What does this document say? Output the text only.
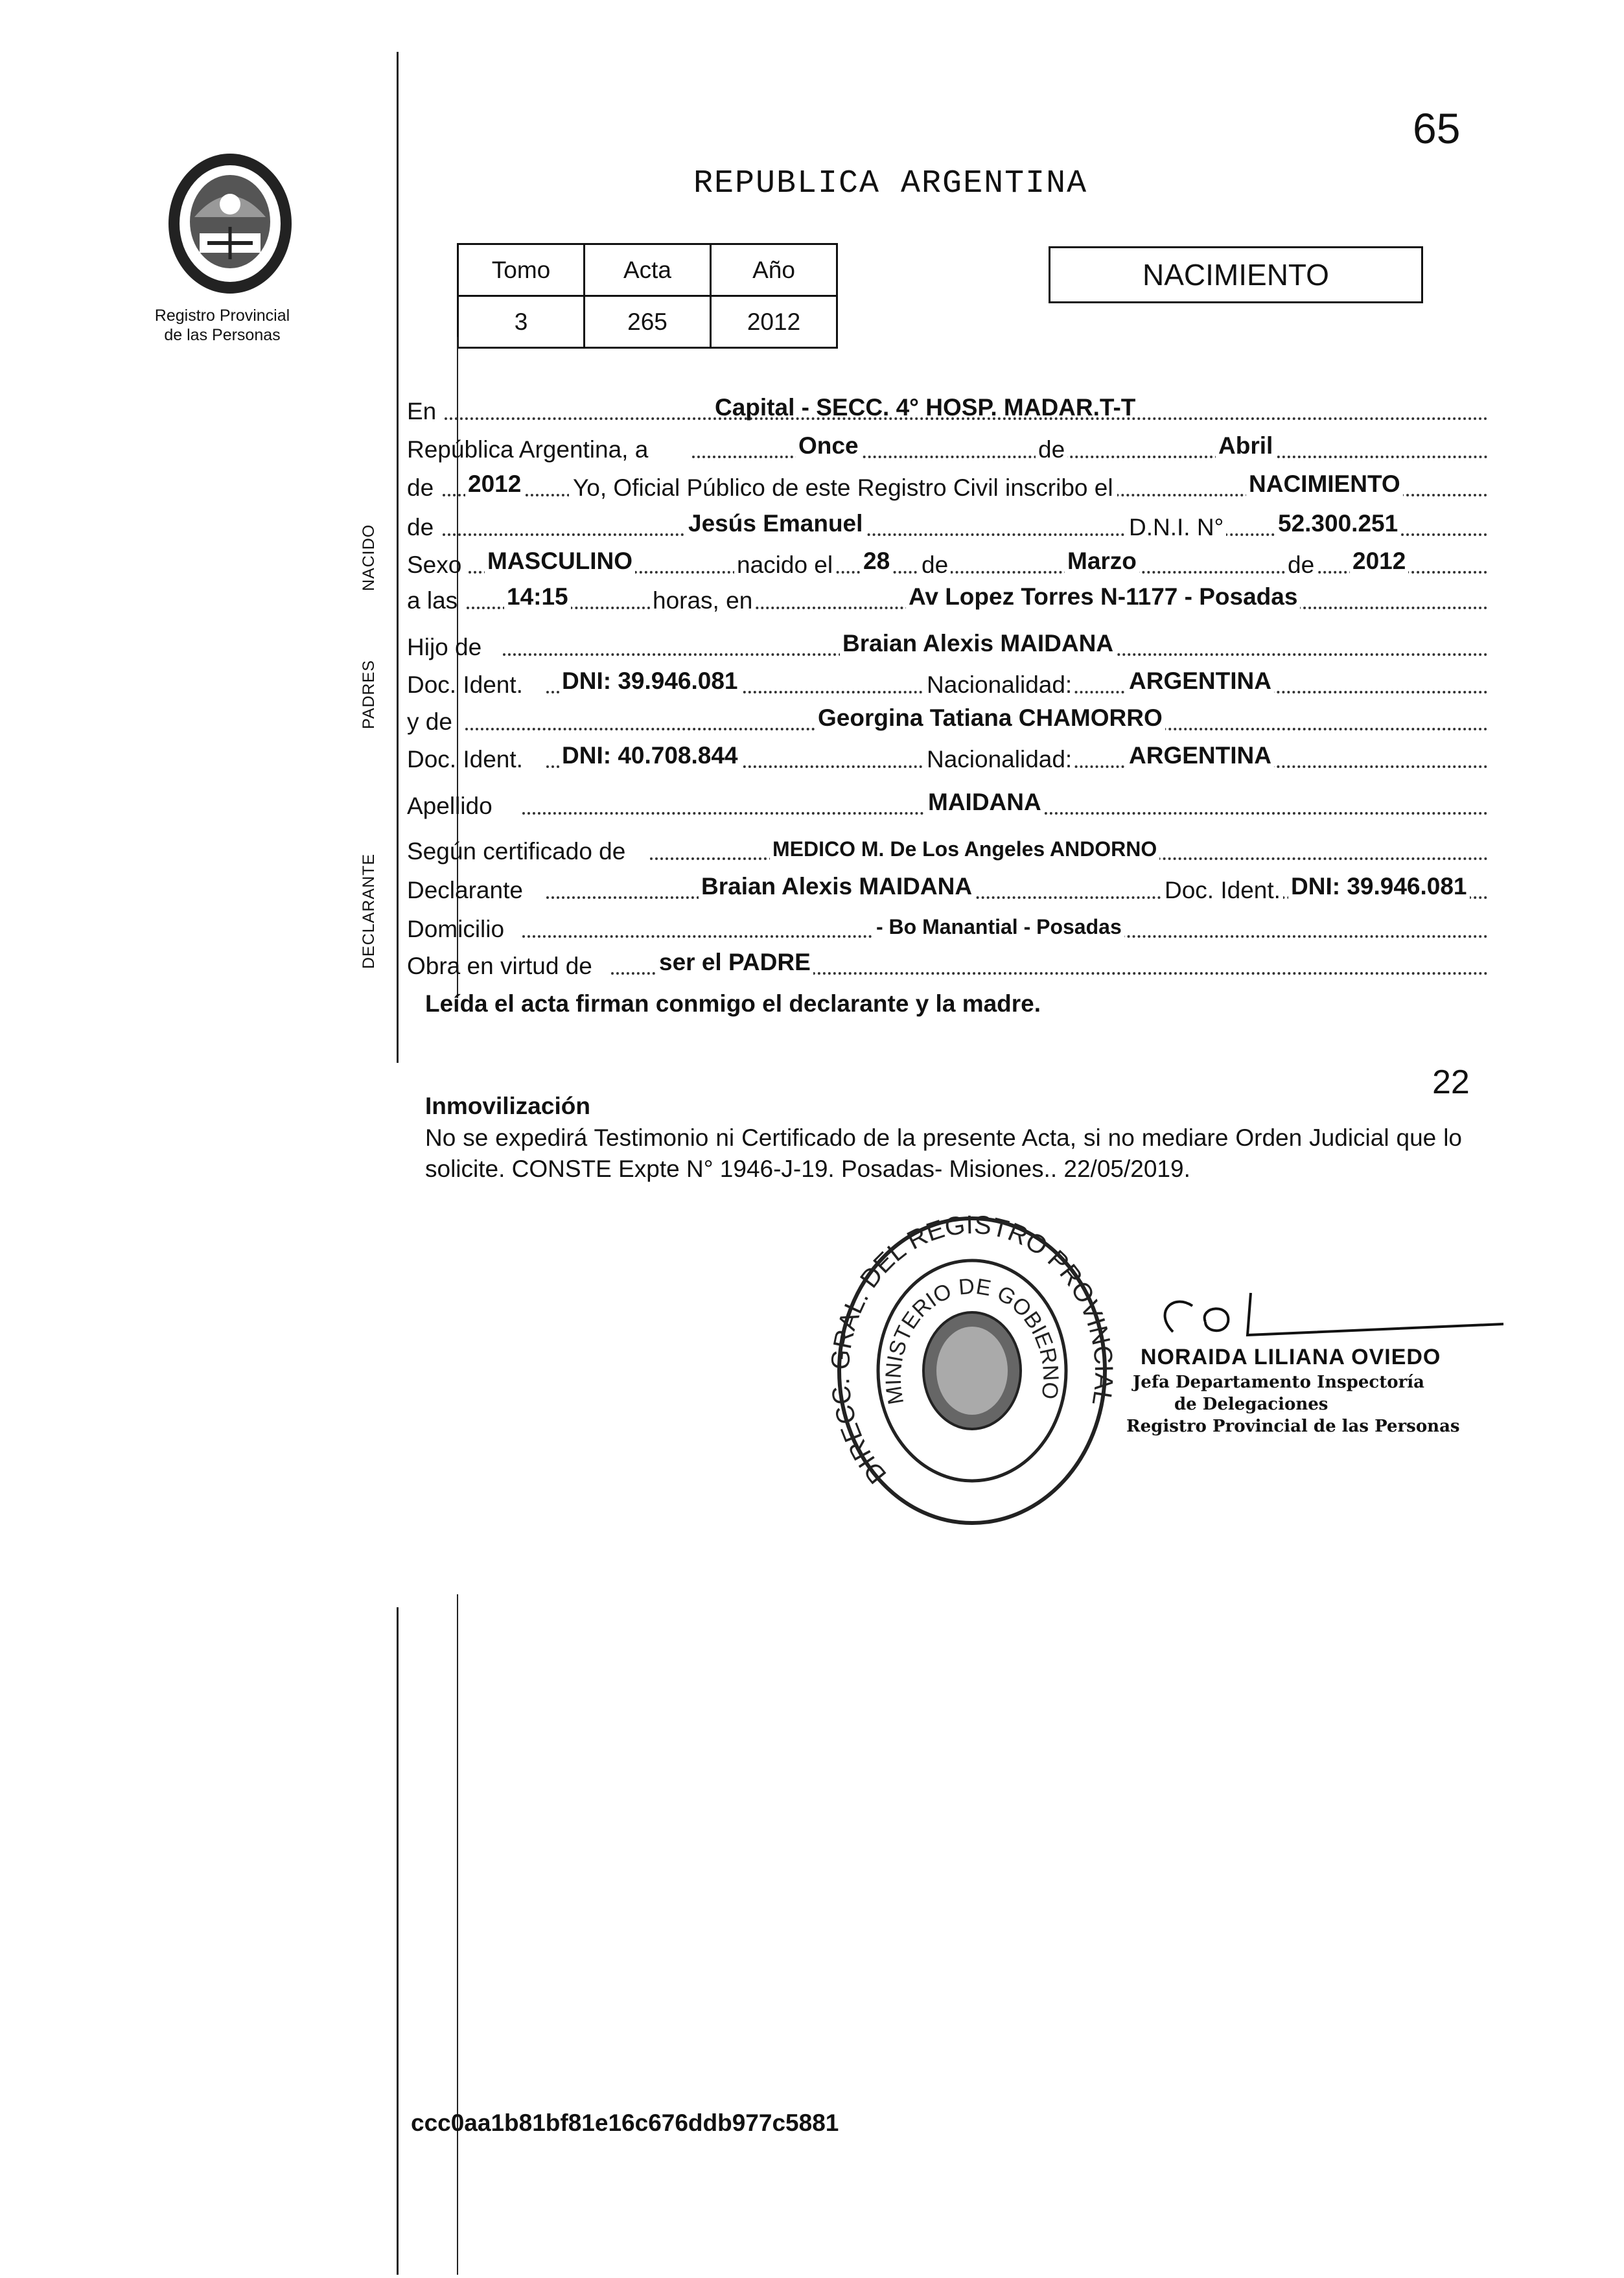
65
REPUBLICA ARGENTINA
Registro Provincial
de las Personas
Tomo	Acta	Año
3	265	2012
NACIMIENTO
NACIDO
PADRES
DECLARANTE
En	Capital - SECC. 4° HOSP. MADAR.T-T
República Argentina, a	Once	de	Abril
de 2012 Yo, Oficial Público de este Registro Civil inscribo el	NACIMIENTO
de	Jesús Emanuel	D.N.I. N° 52.300.251
Sexo MASCULINO	nacido el 28 de	Marzo	de 2012
a las 14:15	horas, en	Av Lopez Torres N-1177 - Posadas
Hijo de	Braian Alexis MAIDANA
Doc. Ident. DNI: 39.946.081	Nacionalidad: ARGENTINA
y de	Georgina Tatiana CHAMORRO
Doc. Ident. DNI: 40.708.844	Nacionalidad: ARGENTINA
Apellido	MAIDANA
Según certificado de	MEDICO M. De Los Angeles ANDORNO
Declarante	Braian Alexis MAIDANA	Doc. Ident. DNI: 39.946.081
Domicilio	- Bo Manantial - Posadas
Obra en virtud de	ser el PADRE
Leída el acta firman conmigo el declarante y la madre.
22
Inmovilización
No se expedirá Testimonio ni Certificado de la presente Acta, si no mediare Orden Judicial que lo solicite. CONSTE Expte N° 1946-J-19. Posadas- Misiones.. 22/05/2019.
DIRECC. GRAL. DEL REGISTRO PROVINCIAL
MINISTERIO DE GOBIERNO
NORAIDA LILIANA OVIEDO
Jefa Departamento Inspectoría
de Delegaciones
Registro Provincial de las Personas
ccc0aa1b81bf81e16c676ddb977c5881
